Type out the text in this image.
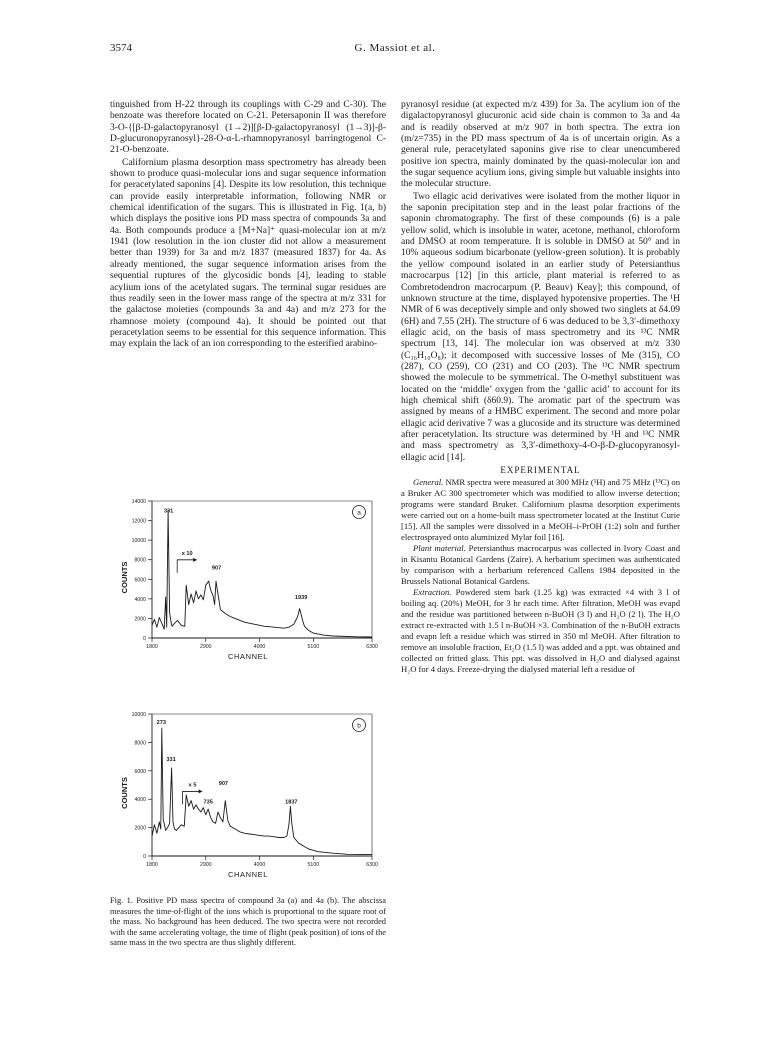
3574	G. Massiot et al.

tinguished from H-22 through its couplings with C-29 and C-30). The benzoate was therefore located on C-21. Petersaponin II was therefore 3-O-{[β-D-galactopyranosyl (1→2)][β-D-galactopyranosyl (1→3)]-β-D-glucuronopyranosyl}-28-O-α-L-rhamnopyranosyl barringtogenol C-21-O-benzoate.

Californium plasma desorption mass spectrometry has already been shown to produce quasi-molecular ions and sugar sequence information for peracetylated saponins [4]. Despite its low resolution, this technique can provide easily interpretable information, following NMR or chemical identification of the sugars. This is illustrated in Fig. 1(a, b) which displays the positive ions PD mass spectra of compounds 3a and 4a. Both compounds produce a [M+Na]⁺ quasi-molecular ion at m/z 1941 (low resolution in the ion cluster did not allow a measurement better than 1939) for 3a and m/z 1837 (measured 1837) for 4a. As already mentioned, the sugar sequence information arises from the sequential ruptures of the glycosidic bonds [4], leading to stable acylium ions of the acetylated sugars. The terminal sugar residues are thus readily seen in the lower mass range of the spectra at m/z 331 for the galactose moieties (compounds 3a and 4a) and m/z 273 for the rhamnose moiety (compound 4a). It should be pointed out that peracetylation seems to be essential for this sequence information. This may explain the lack of an ion corresponding to the esterified arabino-

pyranosyl residue (at expected m/z 439) for 3a. The acylium ion of the digalactopyranosyl glucuronic acid side chain is common to 3a and 4a and is readily observed at m/z 907 in both spectra. The extra ion (m/z=735) in the PD mass spectrum of 4a is of uncertain origin. As a general rule, peracetylated saponins give rise to clear unencumbered positive ion spectra, mainly dominated by the quasi-molecular ion and the sugar sequence acylium ions, giving simple but valuable insights into the molecular structure.

Two ellagic acid derivatives were isolated from the mother liquor in the saponin precipitation step and in the least polar fractions of the saponin chromatography. The first of these compounds (6) is a pale yellow solid, which is insoluble in water, acetone, methanol, chloroform and DMSO at room temperature. It is soluble in DMSO at 50° and in 10% aqueous sodium bicarbonate (yellow-green solution). It is probably the yellow compound isolated in an earlier study of Petersianthus macrocarpus [12] [in this article, plant material is referred to as Combretodendron macrocarpum (P. Beauv) Keay]; this compound, of unknown structure at the time, displayed hypotensive properties. The ¹H NMR of 6 was deceptively simple and only showed two singlets at δ4.09 (6H) and 7.55 (2H). The structure of 6 was deduced to be 3,3′-dimethoxy ellagic acid, on the basis of mass spectrometry and its ¹³C NMR spectrum [13, 14]. The molecular ion was observed at m/z 330 (C₁₆H₁₀O₈); it decomposed with successive losses of Me (315), CO (287), CO (259), CO (231) and CO (203). The ¹³C NMR spectrum showed the molecule to be symmetrical. The O-methyl substituent was located on the ‘middle’ oxygen from the ‘gallic acid’ to account for its high chemical shift (δ60.9). The aromatic part of the spectrum was assigned by means of a HMBC experiment. The second and more polar ellagic acid derivative 7 was a glucoside and its structure was determined after peracetylation. Its structure was determined by ¹H and ¹³C NMR and mass spectrometry as 3,3′-dimethoxy-4-O-β-D-glucopyranosyl-ellagic acid [14].

EXPERIMENTAL

General. NMR spectra were measured at 300 MHz (¹H) and 75 MHz (¹³C) on a Bruker AC 300 spectrometer which was modified to allow inverse detection; programs were standard Bruker. Californium plasma desorption experiments were carried out on a home-built mass spectrometer located at the Institut Curie [15]. All the samples were dissolved in a MeOH–i-PrOH (1:2) soln and further electrosprayed onto aluminized Mylar foil [16].

Plant material. Petersianthus macrocarpus was collected in Ivory Coast and in Kisantu Botanical Gardens (Zaire). A herbarium specimen was authenticated by comparison with a herbarium referenced Callens 1984 deposited in the Brussels National Botanical Gardens.

Extraction. Powdered stem bark (1.25 kg) was extracted ×4 with 3 l of boiling aq. (20%) MeOH, for 3 hr each time. After filtration, MeOH was evapd and the residue was partitioned between n-BuOH (3 l) and H₂O (2 l). The H₂O extract re-extracted with 1.5 l n-BuOH ×3. Combination of the n-BuOH extracts and evapn left a residue which was stirred in 350 ml MeOH. After filtration to remove an insoluble fraction, Et₂O (1.5 l) was added and a ppt. was obtained and collected on fritted glass. This ppt. was dissolved in H₂O and dialysed against H₂O for 4 days. Freeze-drying the dialysed material left a residue of

0
2000
4000
6000
8000
10000
12000
14000
1800	2900	4000	5100	6300
CHANNEL
COUNTS
a
331
x 10
907
1939
0
2000
4000
6000
8000
10000
1800	2900	4000	5100	6300
CHANNEL
COUNTS
b
273
331
x 5	907
735	1837
Fig. 1. Positive PD mass spectra of compound 3a (a) and 4a (b). The abscissa measures the time-of-flight of the ions which is proportional to the square root of the mass. No background has been deduced. The two spectra were not recorded with the same accelerating voltage, the time of flight (peak position) of ions of the same mass in the two spectra are thus slightly different.
